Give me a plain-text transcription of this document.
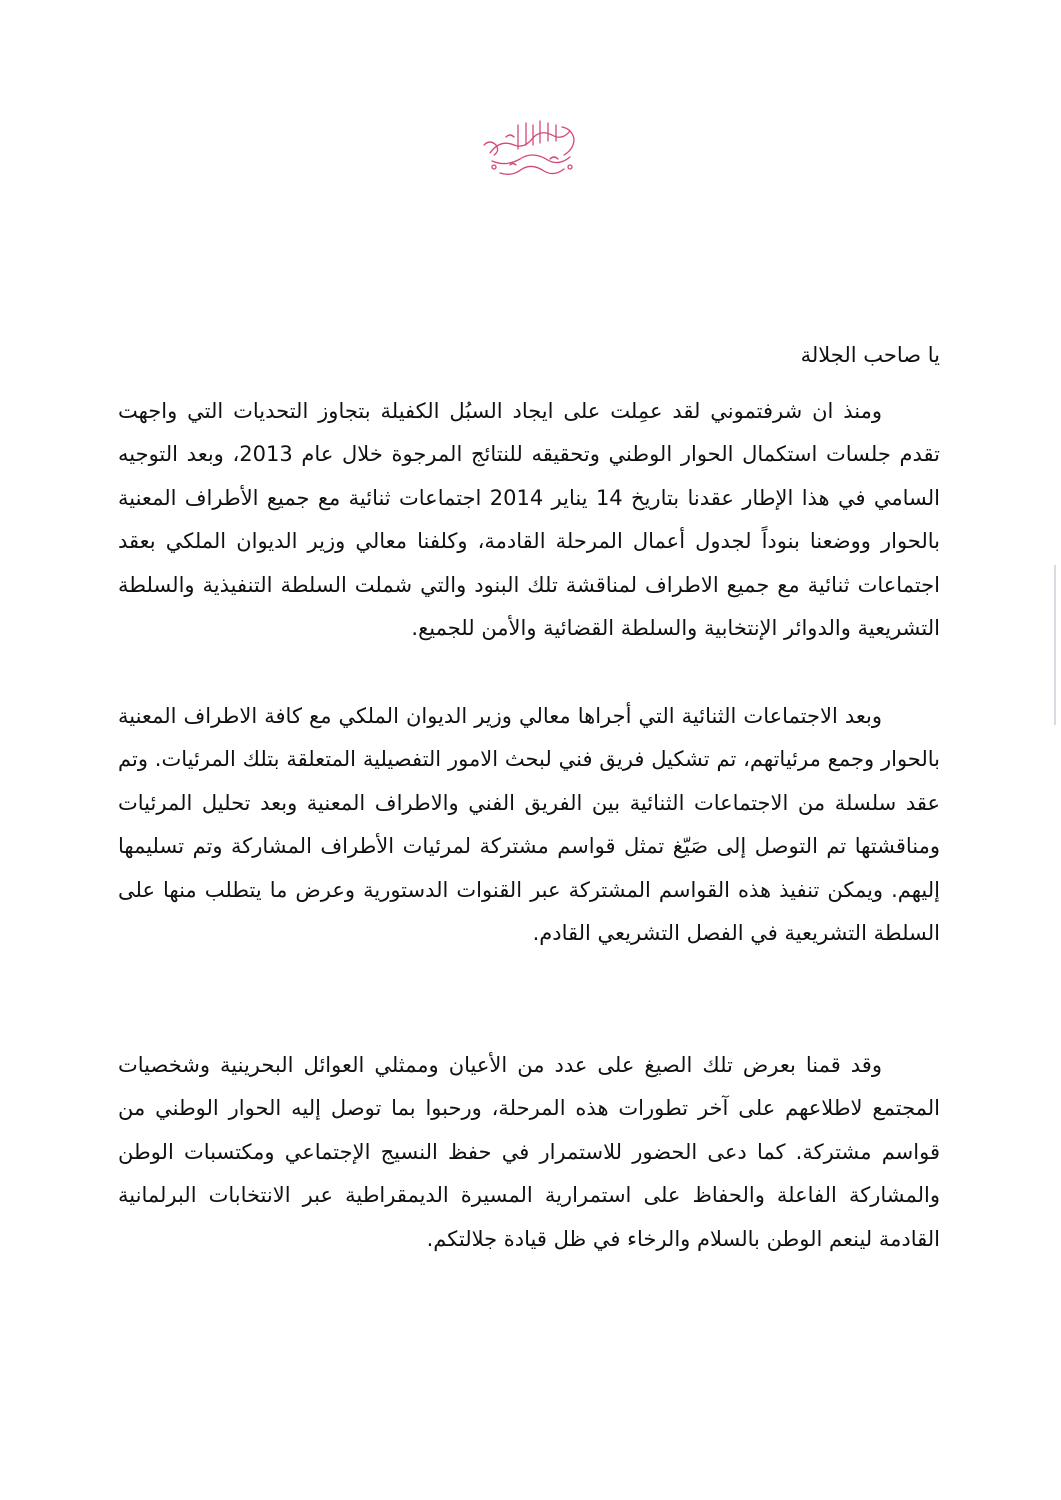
يا صاحب الجلالة

ومنذ ان شرفتموني لقد عمِلت على ايجاد السبُل الكفيلة بتجاوز التحديات التي واجهت تقدم جلسات استكمال الحوار الوطني وتحقيقه للنتائج المرجوة خلال عام 2013، وبعد التوجيه السامي في هذا الإطار عقدنا بتاريخ 14 يناير 2014 اجتماعات ثنائية مع جميع الأطراف المعنية بالحوار ووضعنا بنوداً لجدول أعمال المرحلة القادمة، وكلفنا معالي وزير الديوان الملكي بعقد اجتماعات ثنائية مع جميع الاطراف لمناقشة تلك البنود والتي شملت السلطة التنفيذية والسلطة التشريعية والدوائر الإنتخابية والسلطة القضائية والأمن للجميع.

وبعد الاجتماعات الثنائية التي أجراها معالي وزير الديوان الملكي مع كافة الاطراف المعنية بالحوار وجمع مرئياتهم، تم تشكيل فريق فني لبحث الامور التفصيلية المتعلقة بتلك المرئيات. وتم عقد سلسلة من الاجتماعات الثنائية بين الفريق الفني والاطراف المعنية وبعد تحليل المرئيات ومناقشتها تم التوصل إلى صَيّغ تمثل قواسم مشتركة لمرئيات الأطراف المشاركة وتم تسليمها إليهم. ويمكن تنفيذ هذه القواسم المشتركة عبر القنوات الدستورية وعرض ما يتطلب منها على السلطة التشريعية في الفصل التشريعي القادم.

وقد قمنا بعرض تلك الصيغ على عدد من الأعيان وممثلي العوائل البحرينية وشخصيات المجتمع لاطلاعهم على آخر تطورات هذه المرحلة، ورحبوا بما توصل إليه الحوار الوطني من قواسم مشتركة. كما دعى الحضور للاستمرار في حفظ النسيج الإجتماعي ومكتسبات الوطن والمشاركة الفاعلة والحفاظ على استمرارية المسيرة الديمقراطية عبر الانتخابات البرلمانية القادمة لينعم الوطن بالسلام والرخاء في ظل قيادة جلالتكم.
